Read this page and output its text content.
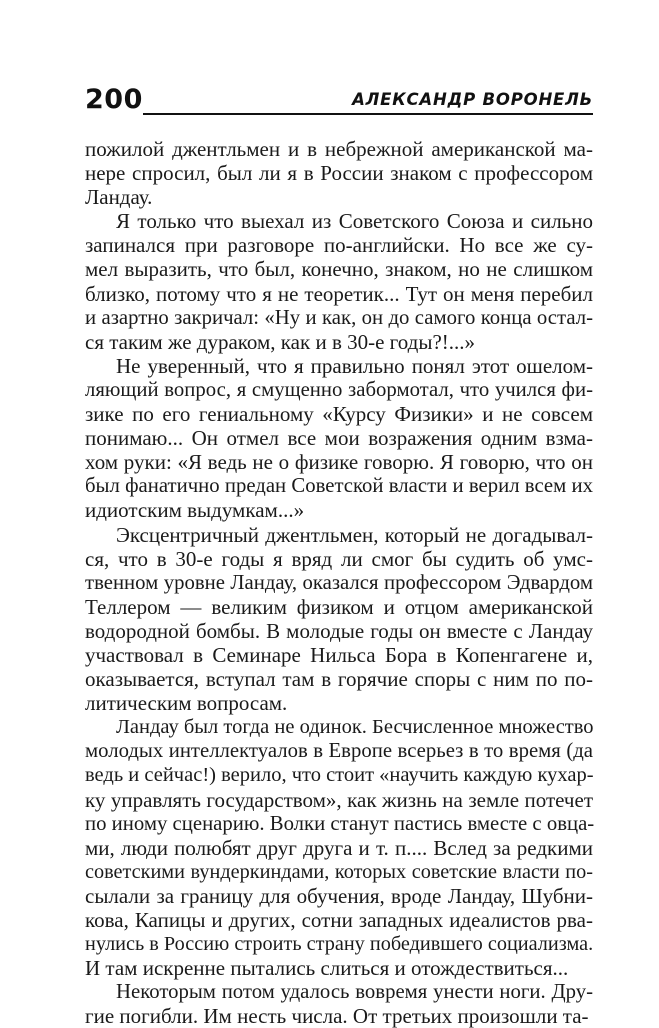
200	АЛЕКСАНДР ВОРОНЕЛЬ
пожилой джентльмен и в небрежной американской ма-
нере спросил, был ли я в России знаком с профессором
Ландау.
Я только что выехал из Советского Союза и сильно
запинался при разговоре по-английски. Но все же су-
мел выразить, что был, конечно, знаком, но не слишком
близко, потому что я не теоретик... Тут он меня перебил
и азартно закричал: «Ну и как, он до самого конца остал-
ся таким же дураком, как и в 30-е годы?!...»
Не уверенный, что я правильно понял этот ошелом-
ляющий вопрос, я смущенно забормотал, что учился фи-
зике по его гениальному «Курсу Физики» и не совсем
понимаю... Он отмел все мои возражения одним взма-
хом руки: «Я ведь не о физике говорю. Я говорю, что он
был фанатично предан Советской власти и верил всем их
идиотским выдумкам...»
Эксцентричный джентльмен, который не догадывал-
ся, что в 30-е годы я вряд ли смог бы судить об умс-
твенном уровне Ландау, оказался профессором Эдвардом
Теллером — великим физиком и отцом американской
водородной бомбы. В молодые годы он вместе с Ландау
участвовал в Семинаре Нильса Бора в Копенгагене и,
оказывается, вступал там в горячие споры с ним по по-
литическим вопросам.
Ландау был тогда не одинок. Бесчисленное множество
молодых интеллектуалов в Европе всерьез в то время (да
ведь и сейчас!) верило, что стоит «научить каждую кухар-
ку управлять государством», как жизнь на земле потечет
по иному сценарию. Волки станут пастись вместе с овца-
ми, люди полюбят друг друга и т. п.... Вслед за редкими
советскими вундеркиндами, которых советские власти по-
сылали за границу для обучения, вроде Ландау, Шубни-
кова, Капицы и других, сотни западных идеалистов рва-
нулись в Россию строить страну победившего социализма.
И там искренне пытались слиться и отождествиться...
Некоторым потом удалось вовремя унести ноги. Дру-
гие погибли. Им несть числа. От третьих произошли та-
